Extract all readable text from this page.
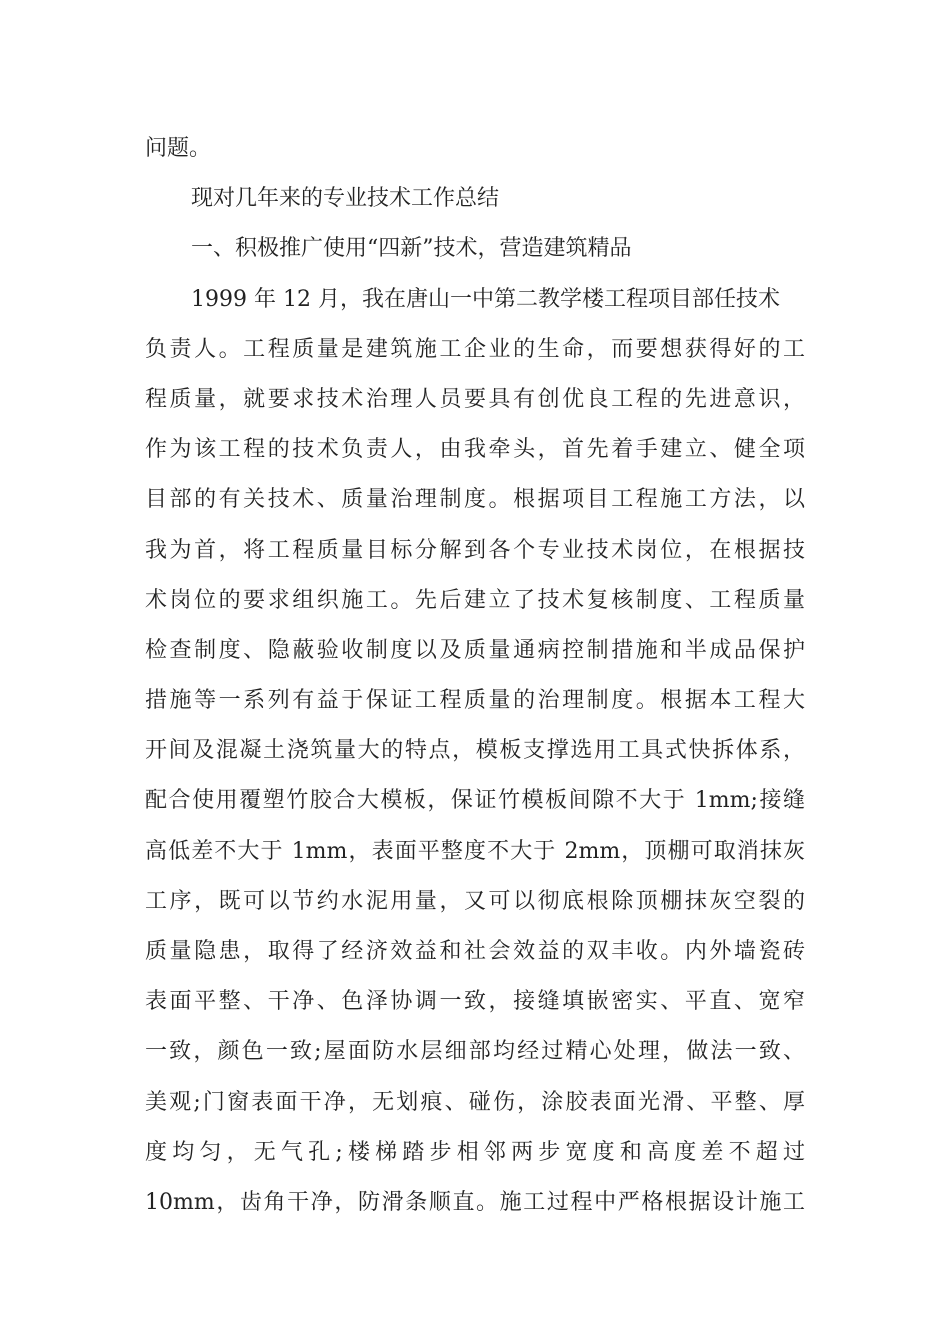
问题。
现对几年来的专业技术工作总结
一、积极推广使用“四新”技术，营造建筑精品
1999 年 12 月，我在唐山一中第二教学楼工程项目部任技术
负责人。工程质量是建筑施工企业的生命，而要想获得好的工
程质量，就要求技术治理人员要具有创优良工程的先进意识，
作为该工程的技术负责人，由我牵头，首先着手建立、健全项
目部的有关技术、质量治理制度。根据项目工程施工方法，以
我为首，将工程质量目标分解到各个专业技术岗位，在根据技
术岗位的要求组织施工。先后建立了技术复核制度、工程质量
检查制度、隐蔽验收制度以及质量通病控制措施和半成品保护
措施等一系列有益于保证工程质量的治理制度。根据本工程大
开间及混凝土浇筑量大的特点，模板支撑选用工具式快拆体系，
配合使用覆塑竹胶合大模板，保证竹模板间隙不大于 1mm;接缝
高低差不大于 1mm，表面平整度不大于 2mm，顶棚可取消抹灰
工序，既可以节约水泥用量，又可以彻底根除顶棚抹灰空裂的
质量隐患，取得了经济效益和社会效益的双丰收。内外墙瓷砖
表面平整、干净、色泽协调一致，接缝填嵌密实、平直、宽窄
一致，颜色一致;屋面防水层细部均经过精心处理，做法一致、
美观;门窗表面干净，无划痕、碰伤，涂胶表面光滑、平整、厚
度均匀，无气孔;楼梯踏步相邻两步宽度和高度差不超过
10mm，齿角干净，防滑条顺直。施工过程中严格根据设计施工
